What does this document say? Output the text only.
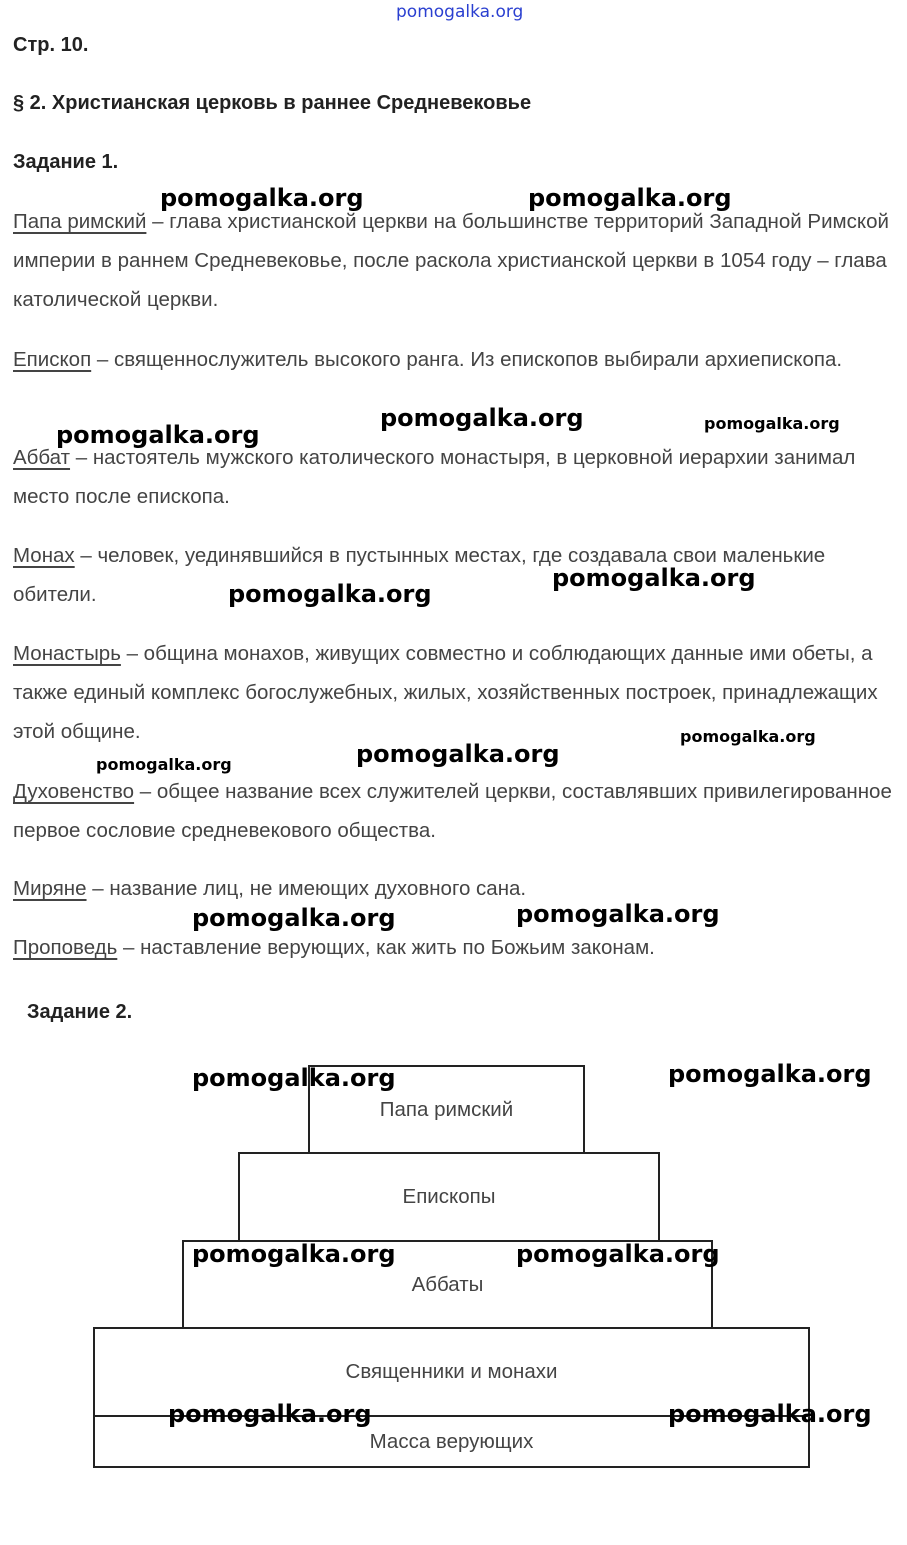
pomogalka.org
Стр. 10.
§ 2. Христианская церковь в раннее Средневековье
Задание 1.

Папа римский – глава христианской церкви на большинстве территорий Западной Римской империи в раннем Средневековье, после раскола христианской церкви в 1054 году – глава католической церкви.

Епископ – священнослужитель высокого ранга. Из епископов выбирали архиепископа.

Аббат – настоятель мужского католического монастыря, в церковной иерархии занимал место после епископа.

Монах – человек, уединявшийся в пустынных местах, где создавала свои маленькие обители.

Монастырь – община монахов, живущих совместно и соблюдающих данные ими обеты, а также единый комплекс богослужебных, жилых, хозяйственных построек, принадлежащих этой общине.

Духовенство – общее название всех служителей церкви, составлявших привилегированное первое сословие средневекового общества.

Миряне – название лиц, не имеющих духовного сана.

Проповедь – наставление верующих, как жить по Божьим законам.

Задание 2.
Папа римский
Епископы
Аббаты
Священники и монахи
Масса верующих
pomogalka.org	pomogalka.org
pomogalka.org	pomogalka.org
pomogalka.org
pomogalka.org
pomogalka.org
pomogalka.org
pomogalka.org
pomogalka.org
pomogalka.org
pomogalka.org
pomogalka.org	pomogalka.org
pomogalka.org	pomogalka.org
pomogalka.org	pomogalka.org
